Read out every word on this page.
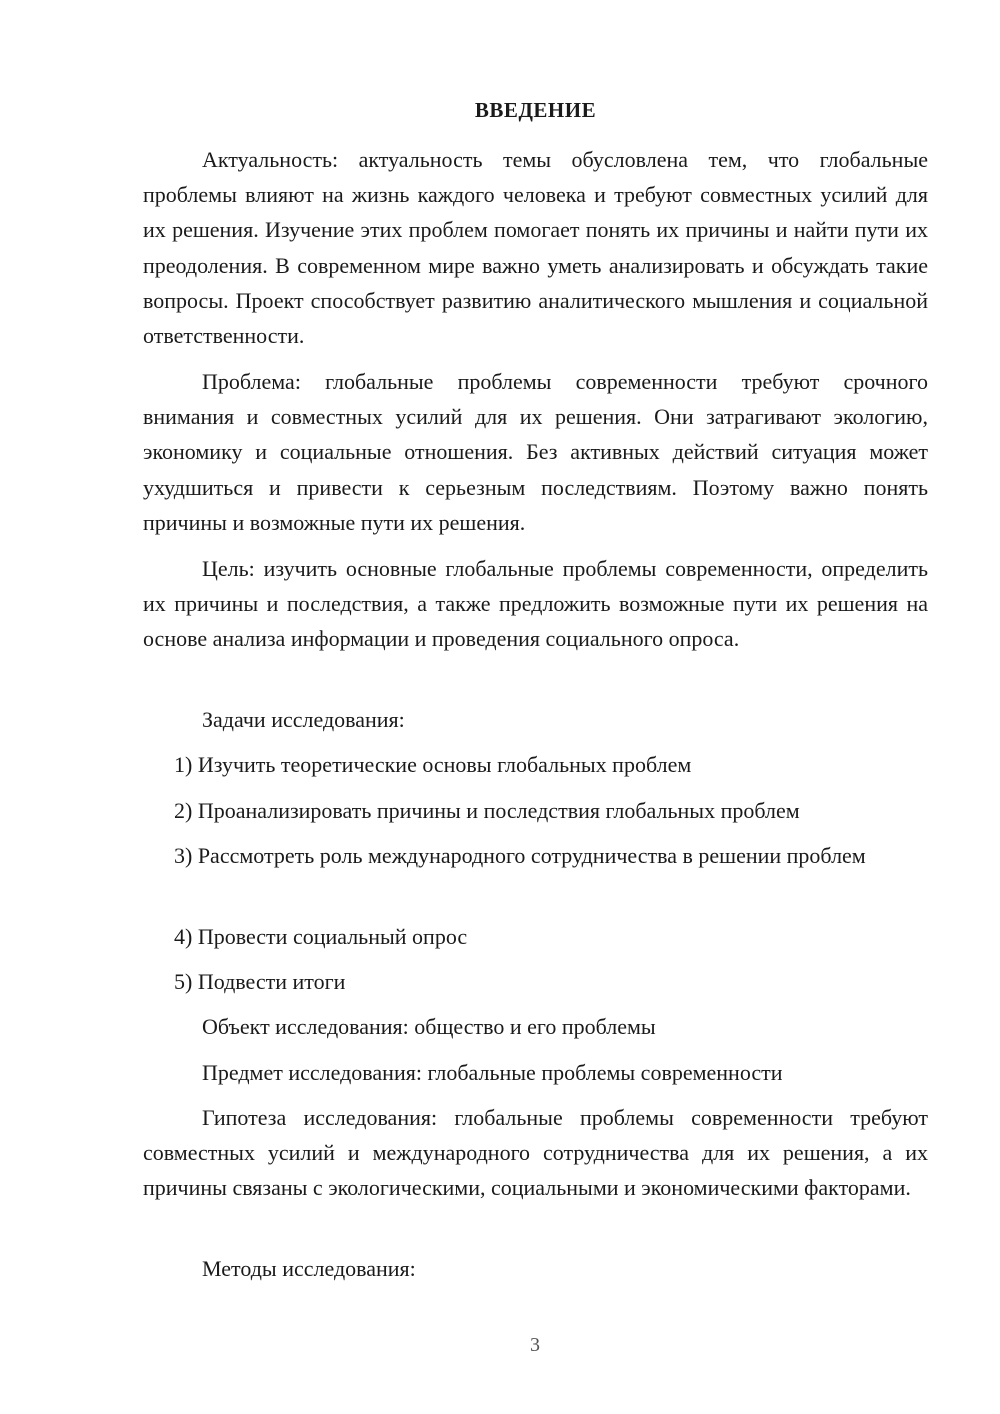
ВВЕДЕНИЕ
Актуальность: актуальность темы обусловлена тем, что глобальные проблемы влияют на жизнь каждого человека и требуют совместных усилий для их решения. Изучение этих проблем помогает понять их причины и найти пути их преодоления. В современном мире важно уметь анализировать и обсуждать такие вопросы. Проект способствует развитию аналитического мышления и социальной ответственности.
Проблема: глобальные проблемы современности требуют срочного внимания и совместных усилий для их решения. Они затрагивают экологию, экономику и социальные отношения. Без активных действий ситуация может ухудшиться и привести к серьезным последствиям. Поэтому важно понять причины и возможные пути их решения.
Цель: изучить основные глобальные проблемы современности, определить их причины и последствия, а также предложить возможные пути их решения на основе анализа информации и проведения социального опроса.
Задачи исследования:
1) Изучить теоретические основы глобальных проблем
2) Проанализировать причины и последствия глобальных проблем
3) Рассмотреть роль международного сотрудничества в решении проблем
4) Провести социальный опрос
5) Подвести итоги
Объект исследования: общество и его проблемы
Предмет исследования: глобальные проблемы современности
Гипотеза исследования: глобальные проблемы современности требуют совместных усилий и международного сотрудничества для их решения, а их причины связаны с экологическими, социальными и экономическими факторами.
Методы исследования:
3
